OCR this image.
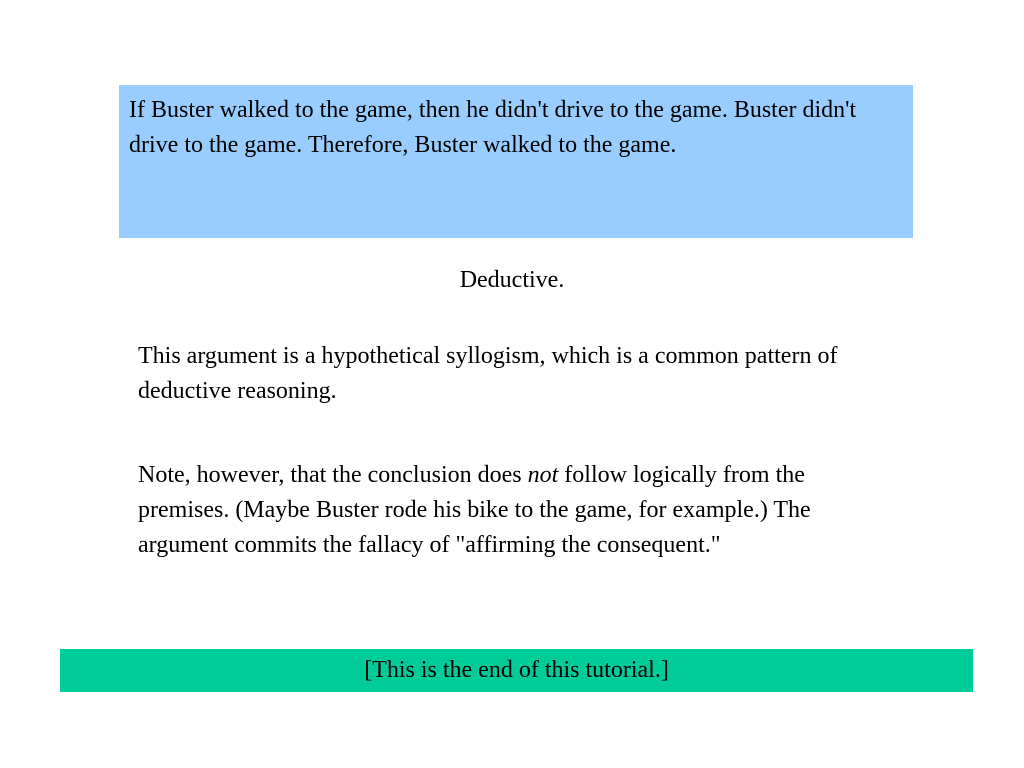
If Buster walked to the game, then he didn't drive to the game. Buster didn't drive to the game. Therefore, Buster walked to the game.
Deductive.

This argument is a hypothetical syllogism, which is a common pattern of deductive reasoning.

Note, however, that the conclusion does not follow logically from the premises. (Maybe Buster rode his bike to the game, for example.) The argument commits the fallacy of "affirming the consequent."

[This is the end of this tutorial.]
